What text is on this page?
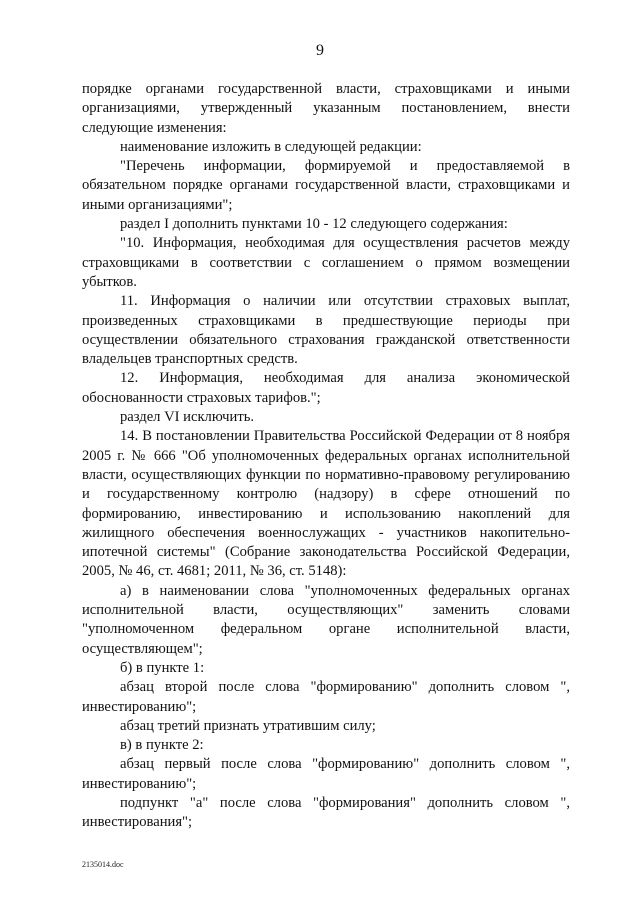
9

порядке органами государственной власти, страховщиками и иными организациями, утвержденный указанным постановлением, внести следующие изменения:

наименование изложить в следующей редакции:

"Перечень информации, формируемой и предоставляемой в обязательном порядке органами государственной власти, страховщиками и иными организациями";

раздел I дополнить пунктами 10 - 12 следующего содержания:

"10. Информация, необходимая для осуществления расчетов между страховщиками в соответствии с соглашением о прямом возмещении убытков.

11. Информация о наличии или отсутствии страховых выплат, произведенных страховщиками в предшествующие периоды при осуществлении обязательного страхования гражданской ответственности владельцев транспортных средств.

12. Информация, необходимая для анализа экономической обоснованности страховых тарифов.";

раздел VI исключить.

14. В постановлении Правительства Российской Федерации от 8 ноября 2005 г. № 666 "Об уполномоченных федеральных органах исполнительной власти, осуществляющих функции по нормативно-правовому регулированию и государственному контролю (надзору) в сфере отношений по формированию, инвестированию и использованию накоплений для жилищного обеспечения военнослужащих - участников накопительно-ипотечной системы" (Собрание законодательства Российской Федерации, 2005, № 46, ст. 4681; 2011, № 36, ст. 5148):

а) в наименовании слова "уполномоченных федеральных органах исполнительной власти, осуществляющих" заменить словами "уполномоченном федеральном органе исполнительной власти, осуществляющем";

б) в пункте 1:

абзац второй после слова "формированию" дополнить словом ", инвестированию";

абзац третий признать утратившим силу;

в) в пункте 2:

абзац первый после слова "формированию" дополнить словом ", инвестированию";

подпункт "а" после слова "формирования" дополнить словом ", инвестирования";

2135014.doc
